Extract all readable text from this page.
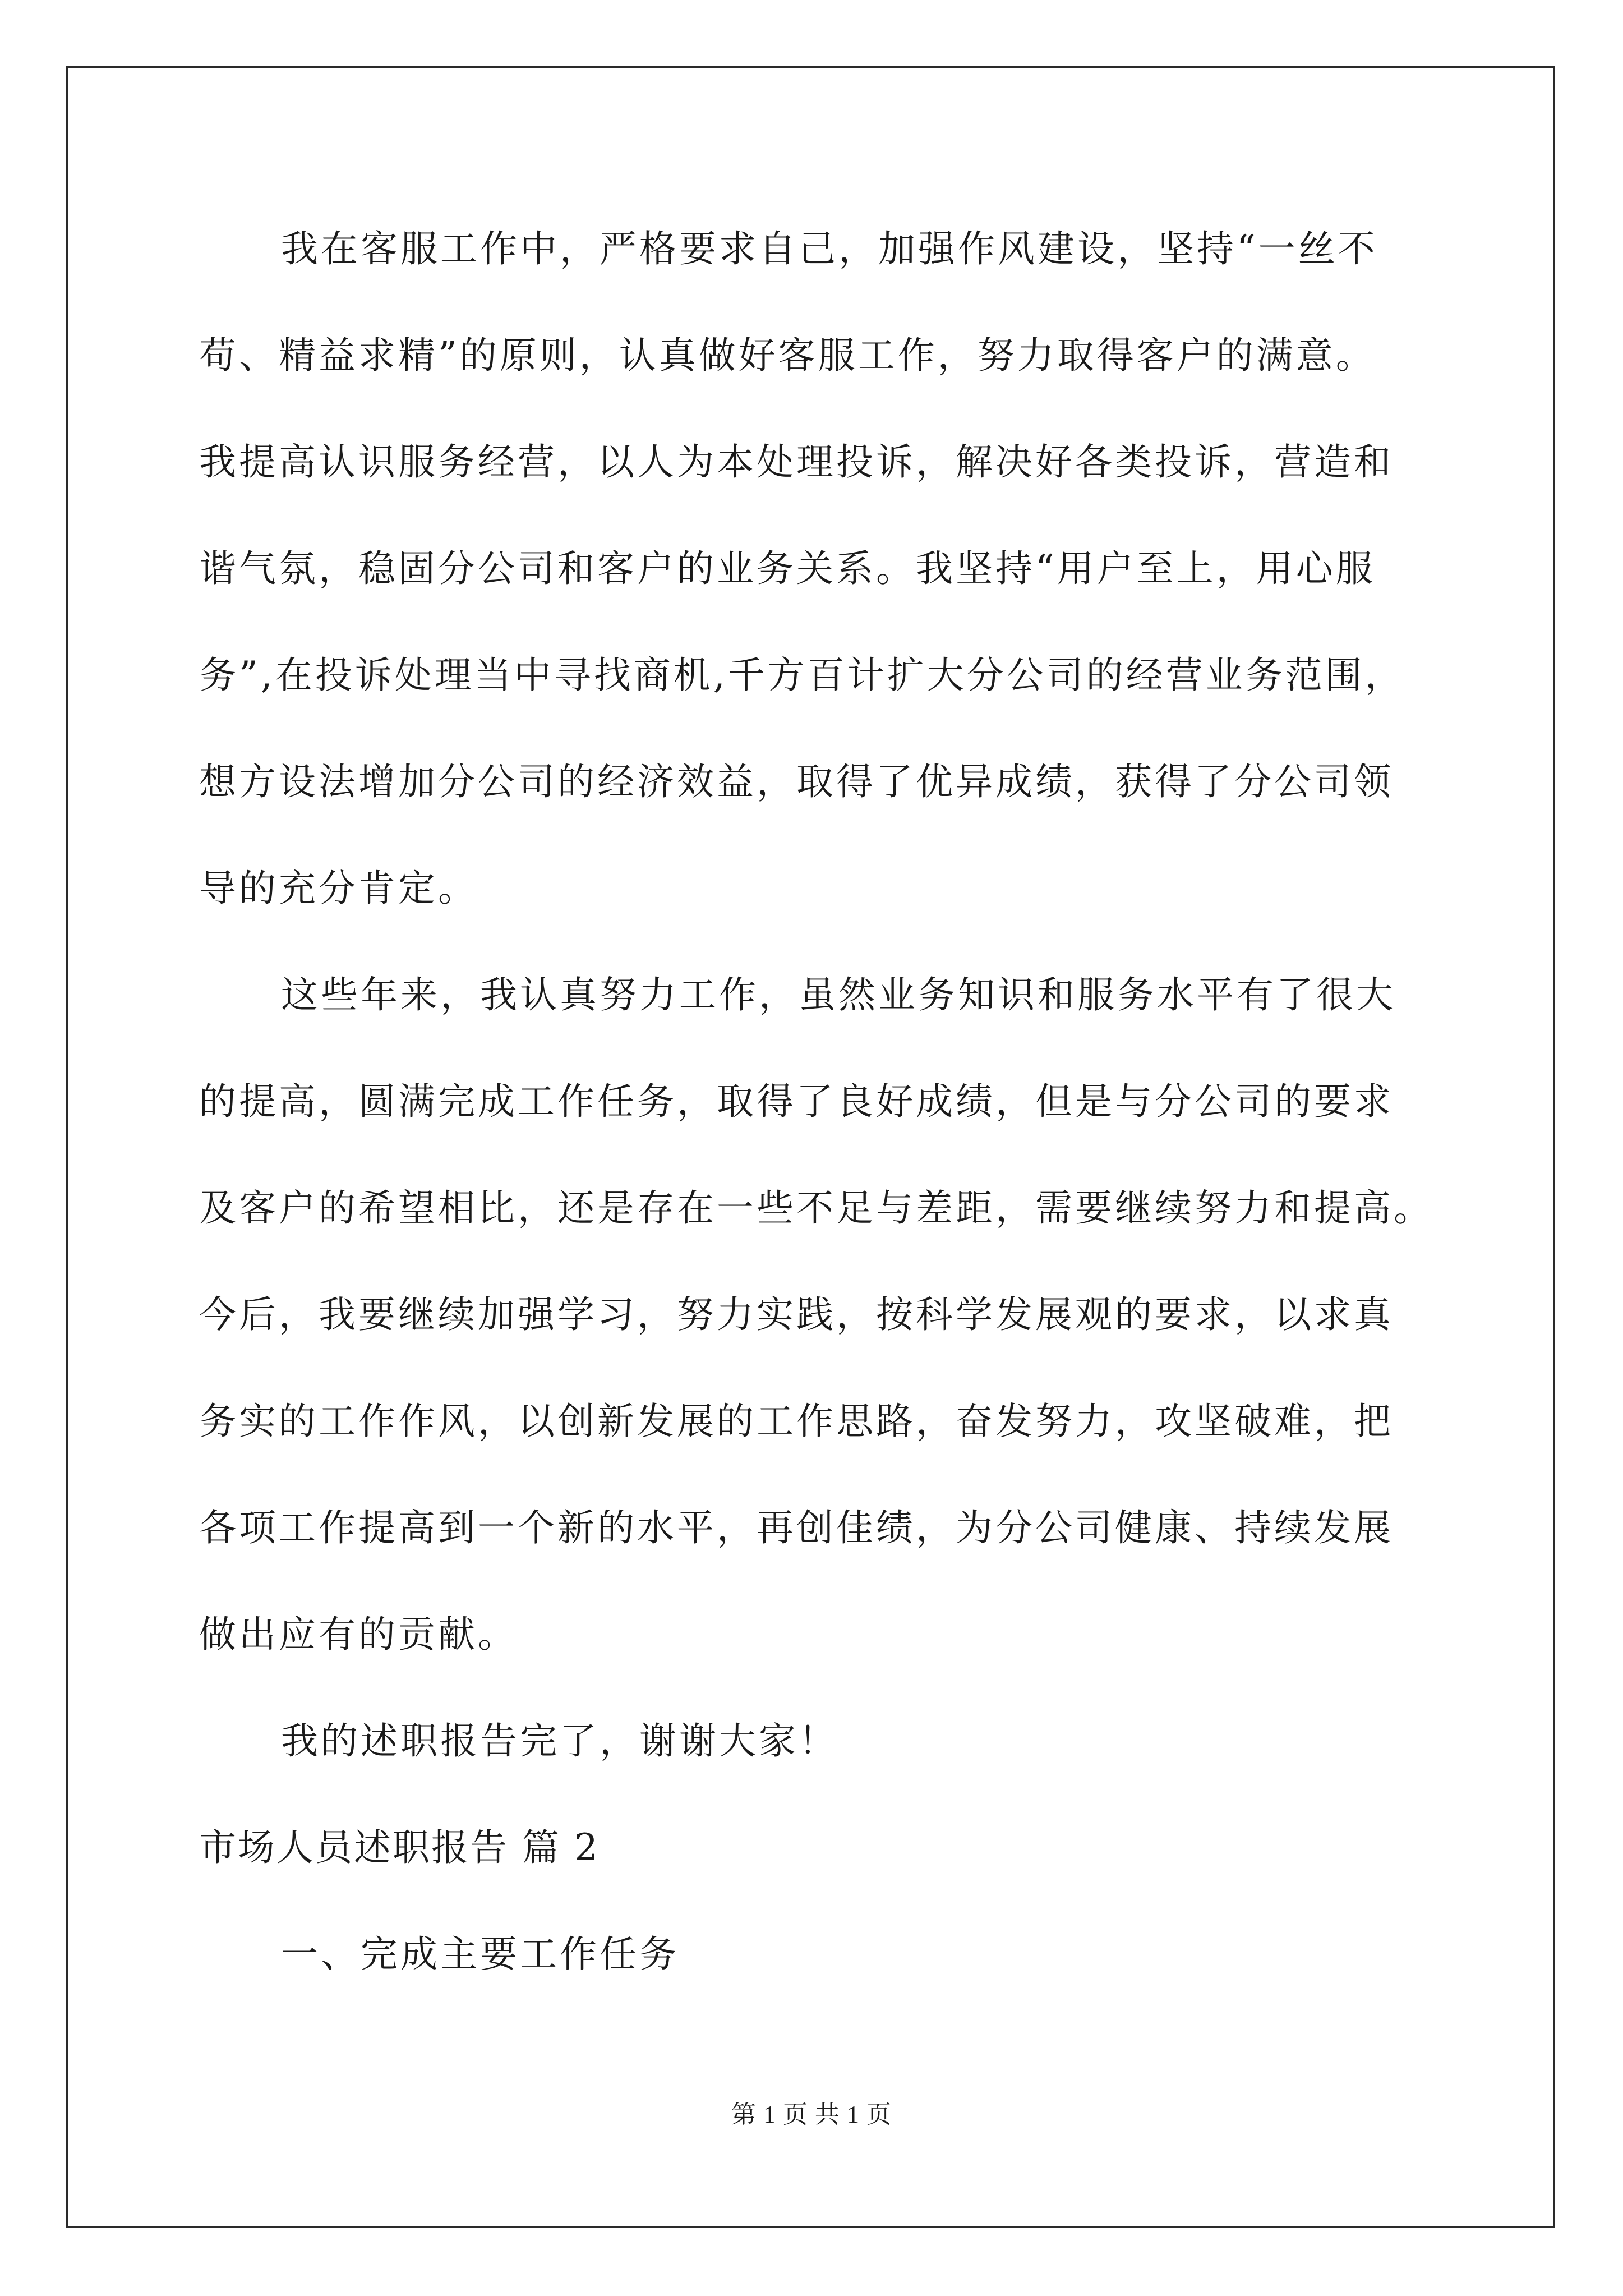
我在客服工作中，严格要求自己，加强作风建设，坚持“一丝不
苟、精益求精”的原则，认真做好客服工作，努力取得客户的满意。
我提高认识服务经营，以人为本处理投诉，解决好各类投诉，营造和
谐气氛，稳固分公司和客户的业务关系。我坚持“用户至上，用心服
务”,在投诉处理当中寻找商机,千方百计扩大分公司的经营业务范围，
想方设法增加分公司的经济效益，取得了优异成绩，获得了分公司领
导的充分肯定。
这些年来，我认真努力工作，虽然业务知识和服务水平有了很大
的提高，圆满完成工作任务，取得了良好成绩，但是与分公司的要求
及客户的希望相比，还是存在一些不足与差距，需要继续努力和提高。
今后，我要继续加强学习，努力实践，按科学发展观的要求，以求真
务实的工作作风，以创新发展的工作思路，奋发努力，攻坚破难，把
各项工作提高到一个新的水平，再创佳绩，为分公司健康、持续发展
做出应有的贡献。
我的述职报告完了，谢谢大家！
市场人员述职报告 篇 2
一、完成主要工作任务
第 1 页 共 1 页
